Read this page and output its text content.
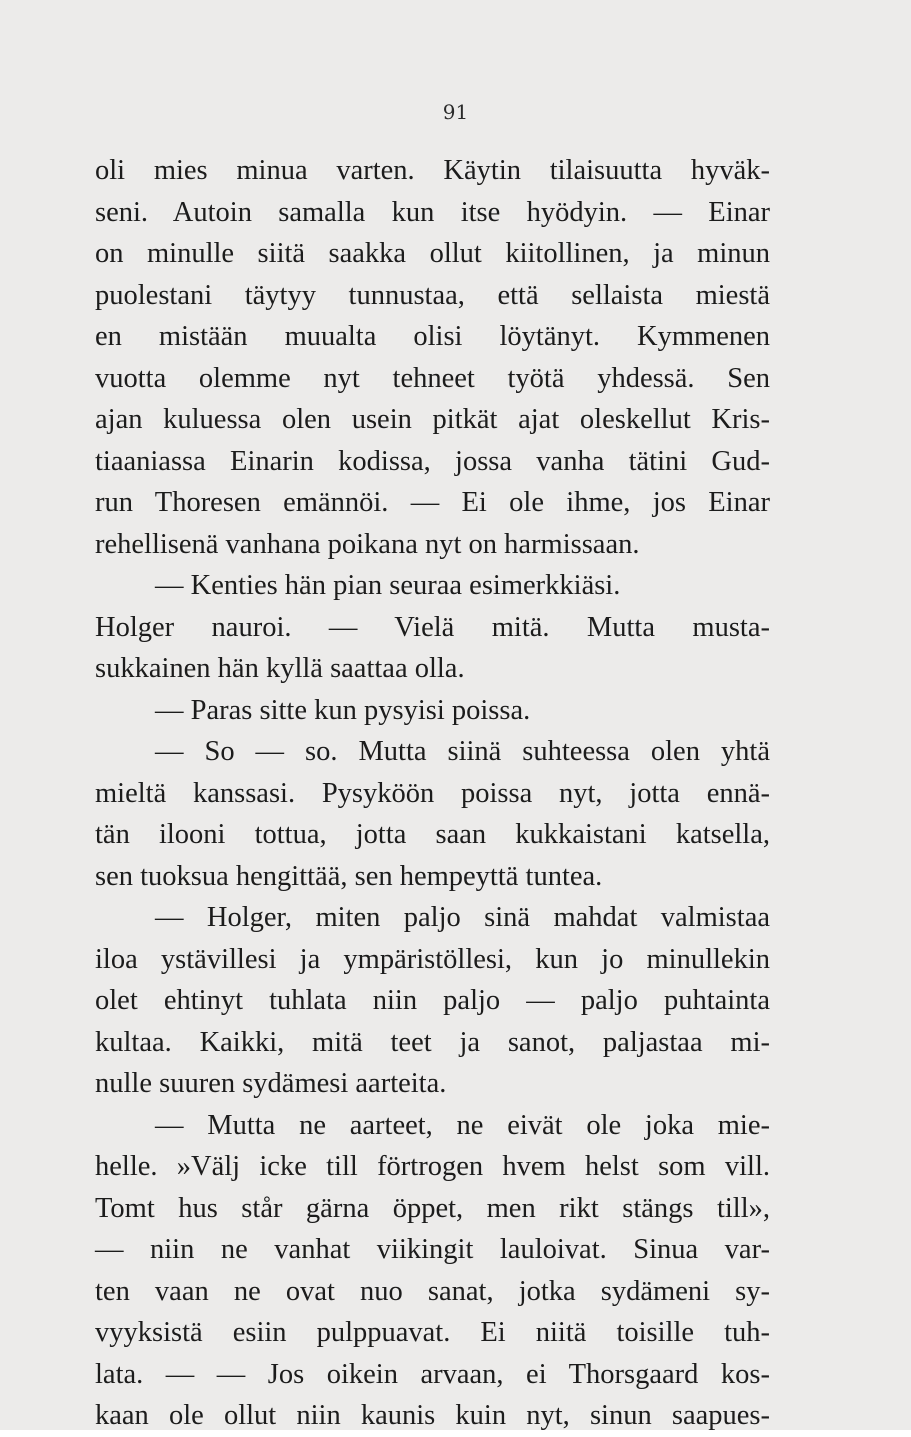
91
oli mies minua varten. Käytin tilaisuutta hyväk-
seni. Autoin samalla kun itse hyödyin. — Einar
on minulle siitä saakka ollut kiitollinen, ja minun
puolestani täytyy tunnustaa, että sellaista miestä
en mistään muualta olisi löytänyt. Kymmenen
vuotta olemme nyt tehneet työtä yhdessä. Sen
ajan kuluessa olen usein pitkät ajat oleskellut Kris-
tiaaniassa Einarin kodissa, jossa vanha tätini Gud-
run Thoresen emännöi. — Ei ole ihme, jos Einar
rehellisenä vanhana poikana nyt on harmissaan.
— Kenties hän pian seuraa esimerkkiäsi.
Holger nauroi. — Vielä mitä. Mutta musta-
sukkainen hän kyllä saattaa olla.
— Paras sitte kun pysyisi poissa.
— So — so. Mutta siinä suhteessa olen yhtä
mieltä kanssasi. Pysyköön poissa nyt, jotta ennä-
tän ilooni tottua, jotta saan kukkaistani katsella,
sen tuoksua hengittää, sen hempeyttä tuntea.
— Holger, miten paljo sinä mahdat valmistaa
iloa ystävillesi ja ympäristöllesi, kun jo minullekin
olet ehtinyt tuhlata niin paljo — paljo puhtainta
kultaa. Kaikki, mitä teet ja sanot, paljastaa mi-
nulle suuren sydämesi aarteita.
— Mutta ne aarteet, ne eivät ole joka mie-
helle. »Välj icke till förtrogen hvem helst som vill.
Tomt hus står gärna öppet, men rikt stängs till»,
— niin ne vanhat viikingit lauloivat. Sinua var-
ten vaan ne ovat nuo sanat, jotka sydämeni sy-
vyyksistä esiin pulppuavat. Ei niitä toisille tuh-
lata. — — Jos oikein arvaan, ei Thorsgaard kos-
kaan ole ollut niin kaunis kuin nyt, sinun saapues-
